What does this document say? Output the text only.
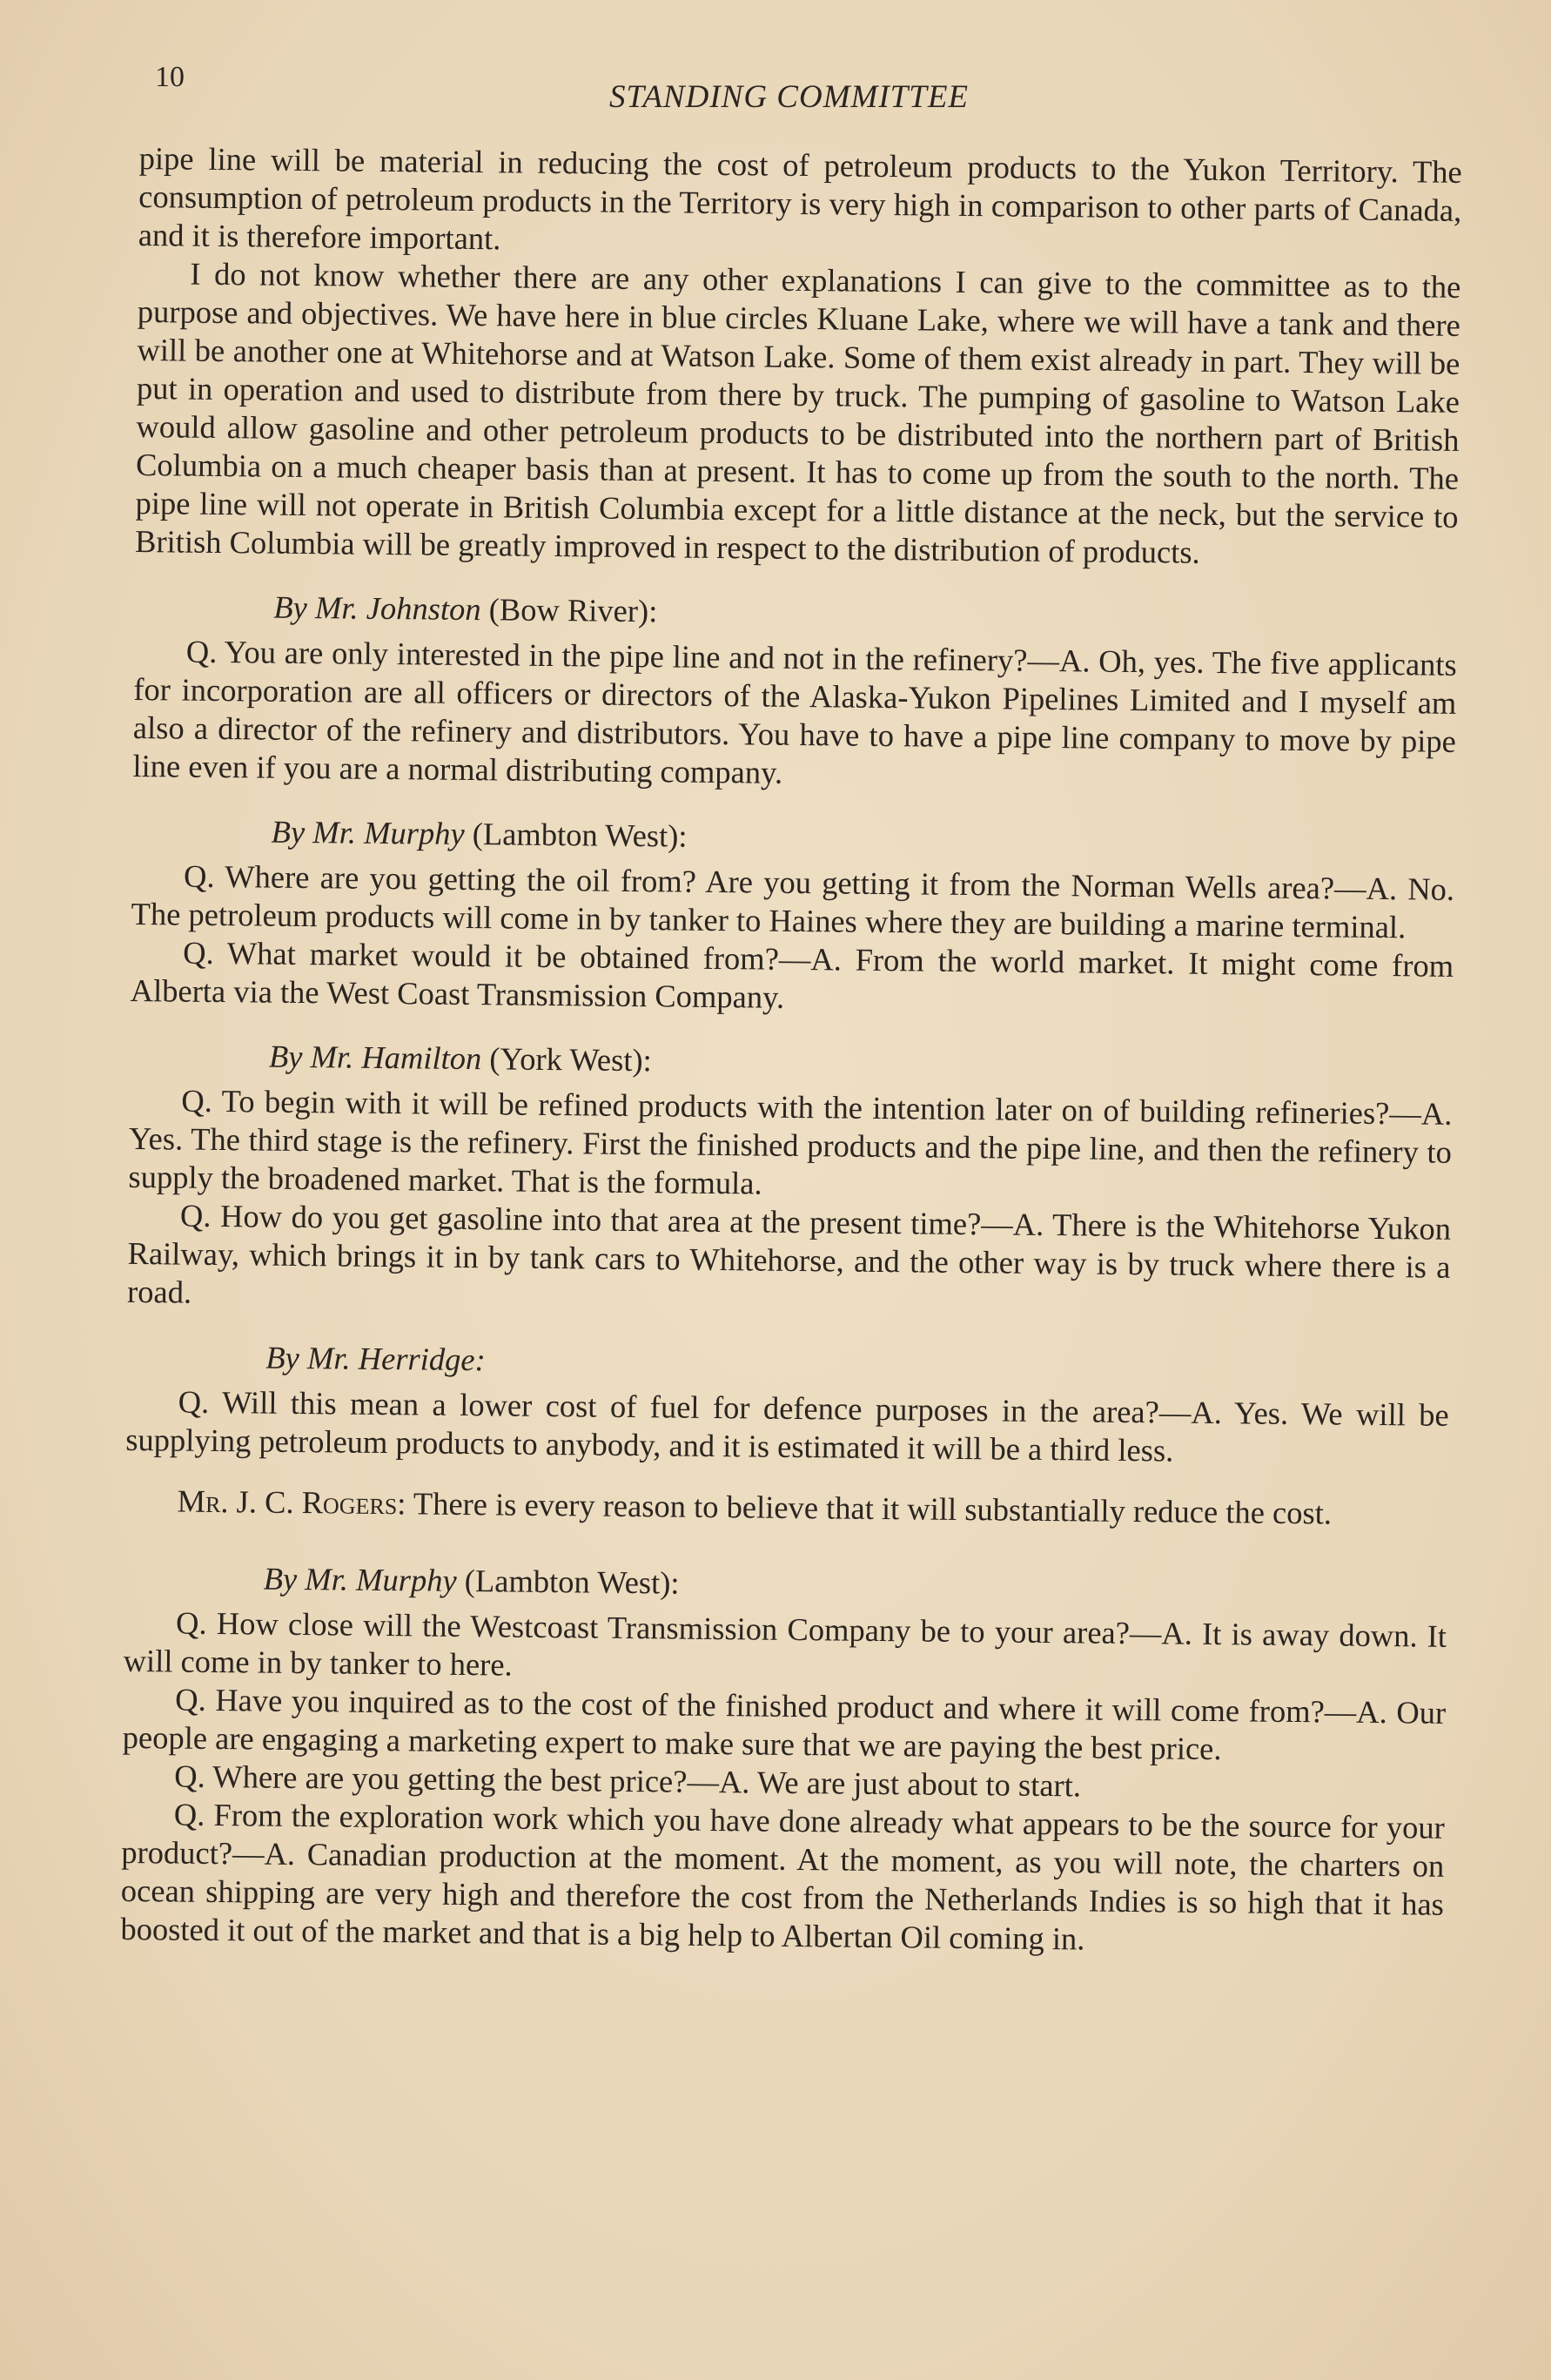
10
STANDING COMMITTEE

pipe line will be material in reducing the cost of petroleum products to the Yukon Territory. The consumption of petroleum products in the Territory is very high in comparison to other parts of Canada, and it is therefore important.

I do not know whether there are any other explanations I can give to the committee as to the purpose and objectives. We have here in blue circles Kluane Lake, where we will have a tank and there will be another one at Whitehorse and at Watson Lake. Some of them exist already in part. They will be put in operation and used to distribute from there by truck. The pumping of gasoline to Watson Lake would allow gasoline and other petroleum products to be distributed into the northern part of British Columbia on a much cheaper basis than at present. It has to come up from the south to the north. The pipe line will not operate in British Columbia except for a little distance at the neck, but the service to British Columbia will be greatly improved in respect to the distribution of products.

By Mr. Johnston (Bow River):

Q. You are only interested in the pipe line and not in the refinery?—A. Oh, yes. The five applicants for incorporation are all officers or directors of the Alaska-Yukon Pipelines Limited and I myself am also a director of the refinery and distributors. You have to have a pipe line company to move by pipe line even if you are a normal distributing company.

By Mr. Murphy (Lambton West):

Q. Where are you getting the oil from? Are you getting it from the Norman Wells area?—A. No. The petroleum products will come in by tanker to Haines where they are building a marine terminal.

Q. What market would it be obtained from?—A. From the world market. It might come from Alberta via the West Coast Transmission Company.

By Mr. Hamilton (York West):

Q. To begin with it will be refined products with the intention later on of building refineries?—A. Yes. The third stage is the refinery. First the finished products and the pipe line, and then the refinery to supply the broadened market. That is the formula.

Q. How do you get gasoline into that area at the present time?—A. There is the Whitehorse Yukon Railway, which brings it in by tank cars to Whitehorse, and the other way is by truck where there is a road.

By Mr. Herridge:

Q. Will this mean a lower cost of fuel for defence purposes in the area?—A. Yes. We will be supplying petroleum products to anybody, and it is estimated it will be a third less.

Mr. J. C. Rogers: There is every reason to believe that it will substantially reduce the cost.

By Mr. Murphy (Lambton West):

Q. How close will the Westcoast Transmission Company be to your area?—A. It is away down. It will come in by tanker to here.

Q. Have you inquired as to the cost of the finished product and where it will come from?—A. Our people are engaging a marketing expert to make sure that we are paying the best price.

Q. Where are you getting the best price?—A. We are just about to start.

Q. From the exploration work which you have done already what appears to be the source for your product?—A. Canadian production at the moment. At the moment, as you will note, the charters on ocean shipping are very high and therefore the cost from the Netherlands Indies is so high that it has boosted it out of the market and that is a big help to Albertan Oil coming in.
